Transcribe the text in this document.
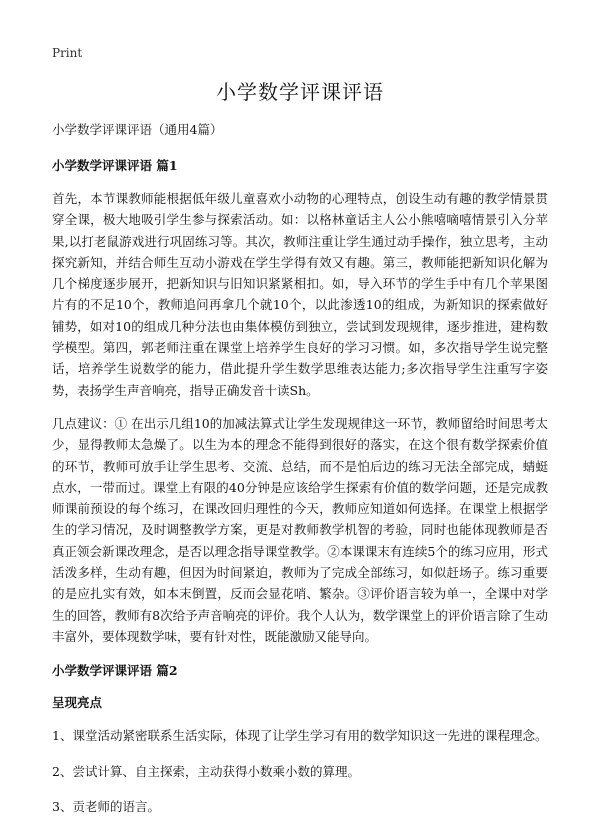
Print
小学数学评课评语

小学数学评课评语（通用4篇）

小学数学评课评语 篇1

首先，本节课教师能根据低年级儿童喜欢小动物的心理特点，创设生动有趣的教学情景贯穿全课，极大地吸引学生参与探索活动。如：以格林童话主人公小熊嘻嘀嘻情景引入分苹果,以打老鼠游戏进行巩固练习等。其次，教师注重让学生通过动手操作，独立思考，主动探究新知，并结合师生互动小游戏在学生学得有效又有趣。第三，教师能把新知识化解为几个梯度逐步展开，把新知识与旧知识紧紧相扣。如，导入环节的学生手中有几个苹果图片有的不足10个，教师追问再拿几个就10个，以此渗透10的组成，为新知识的探索做好铺势，如对10的组成几种分法也由集体模仿到独立，尝试到发现规律，逐步推进，建构数学模型。第四，郭老师注重在课堂上培养学生良好的学习习惯。如，多次指导学生说完整话，培养学生说数学的能力，借此提升学生数学思维表达能力;多次指导学生注重写字姿势，表扬学生声音响亮，指导正确发音十读Sh。

几点建议：① 在出示几组10的加减法算式让学生发现规律这一环节，教师留给时间思考太少，显得教师太急燥了。以生为本的理念不能得到很好的落实，在这个很有数学探索价值的环节，教师可放手让学生思考、交流、总结，而不是怕后边的练习无法全部完成，蜻蜓点水，一带而过。课堂上有限的40分钟是应该给学生探索有价值的数学问题，还是完成教师课前预设的每个练习，在课改回归理性的今天，教师应知道如何选择。在课堂上根据学生的学习情况，及时调整教学方案，更是对教师教学机智的考验，同时也能体现教师是否真正领会新课改理念，是否以理念指导课堂教学。②本课课末有连续5个的练习应用，形式活泼多样，生动有趣，但因为时间紧迫，教师为了完成全部练习，如似赶场子。练习重要的是应扎实有效，如本末倒置，反而会显花哨、繁杂。③评价语言较为单一，全课中对学生的回答，教师有8次给予声音响亮的评价。我个人认为，数学课堂上的评价语言除了生动丰富外，要体现数学味，要有针对性，既能激励又能导向。

小学数学评课评语 篇2

呈现亮点

1、课堂活动紧密联系生活实际，体现了让学生学习有用的数学知识这一先进的课程理念。

2、尝试计算、自主探索，主动获得小数乘小数的算理。

3、贡老师的语言。
